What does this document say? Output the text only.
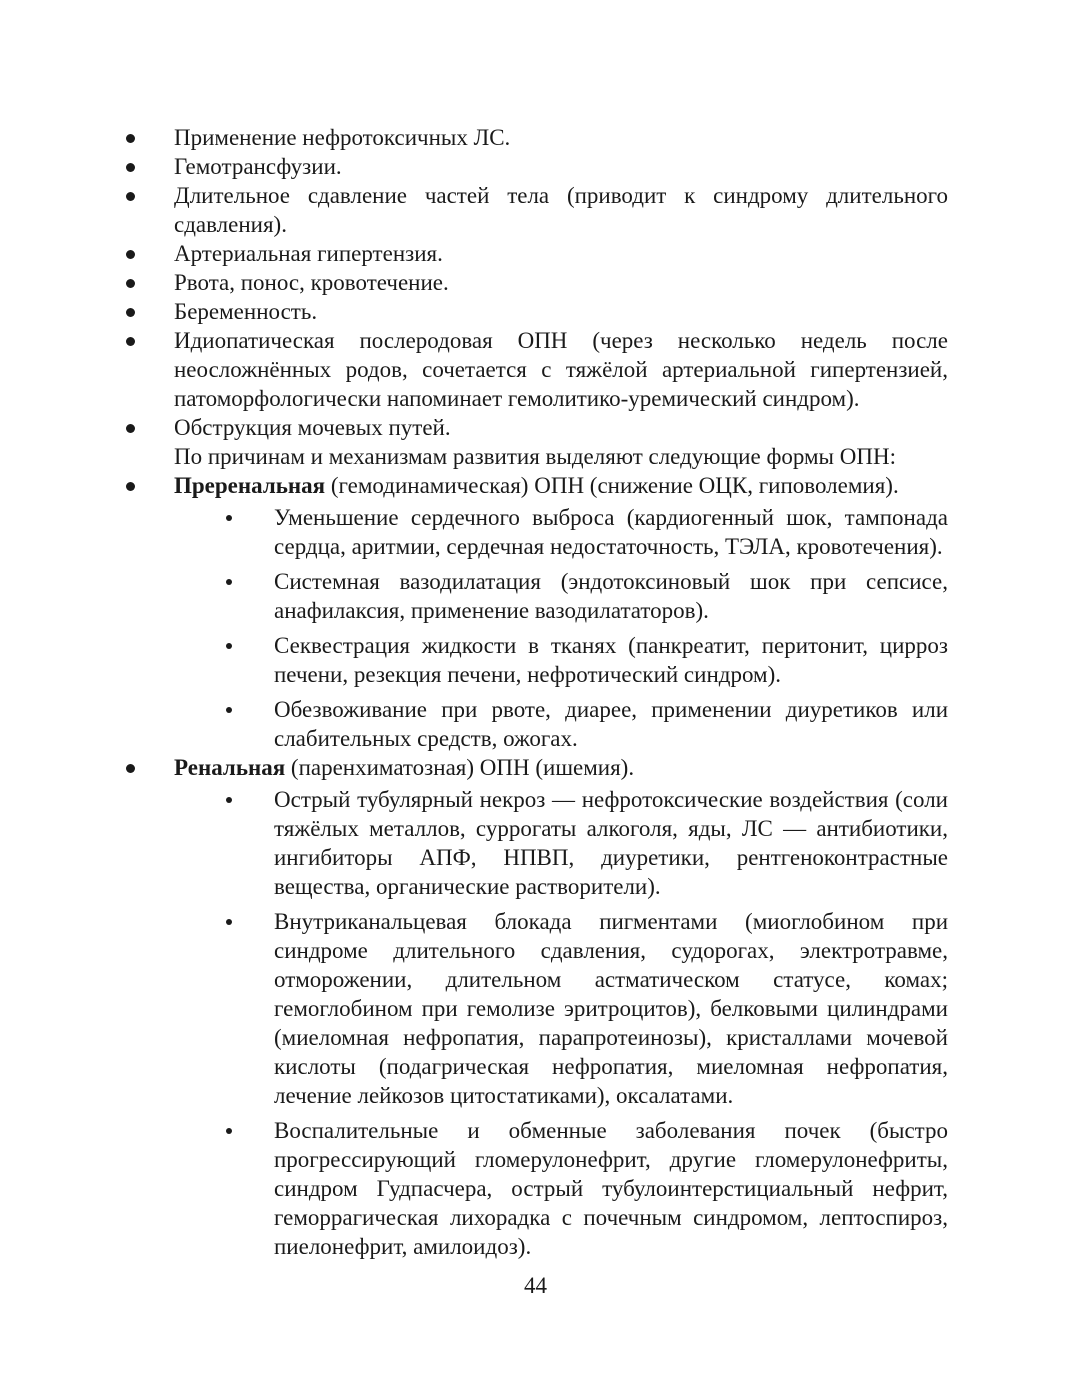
Применение нефротоксичных ЛС.
Гемотрансфузии.
Длительное сдавление частей тела (приводит к синдрому длительного сдавления).
Артериальная гипертензия.
Рвота, понос, кровотечение.
Беременность.
Идиопатическая послеродовая ОПН (через несколько недель после неосложнённых родов, сочетается с тяжёлой артериальной гипертензией, патоморфологически напоминает гемолитико-уремический синдром).
Обструкция мочевых путей.
По причинам и механизмам развития выделяют следующие формы ОПН:
Преренальная (гемодинамическая) ОПН (снижение ОЦК, гиповолемия).
Уменьшение сердечного выброса (кардиогенный шок, тампонада сердца, аритмии, сердечная недостаточность, ТЭЛА, кровотечения).
Системная вазодилатация (эндотоксиновый шок при сепсисе, анафилаксия, применение вазодилататоров).
Секвестрация жидкости в тканях (панкреатит, перитонит, цирроз печени, резекция печени, нефротический синдром).
Обезвоживание при рвоте, диарее, применении диуретиков или слабительных средств, ожогах.
Ренальная (паренхиматозная) ОПН (ишемия).
Острый тубулярный некроз — нефротоксические воздействия (соли тяжёлых металлов, суррогаты алкоголя, яды, ЛС — антибиотики, ингибиторы АПФ, НПВП, диуретики, рентгеноконтрастные вещества, органические растворители).
Внутриканальцевая блокада пигментами (миоглобином при синдроме длительного сдавления, судорогах, электротравме, отморожении, длительном астматическом статусе, комах; гемоглобином при гемолизе эритроцитов), белковыми цилиндрами (миеломная нефропатия, парапротеинозы), кристаллами мочевой кислоты (подагрическая нефропатия, миеломная нефропатия, лечение лейкозов цитостатиками), оксалатами.
Воспалительные и обменные заболевания почек (быстро прогрессирующий гломерулонефрит, другие гломерулонефриты, синдром Гудпасчера, острый тубулоинтерстициальный нефрит, геморрагическая лихорадка с почечным синдромом, лептоспироз, пиелонефрит, амилоидоз).
44
